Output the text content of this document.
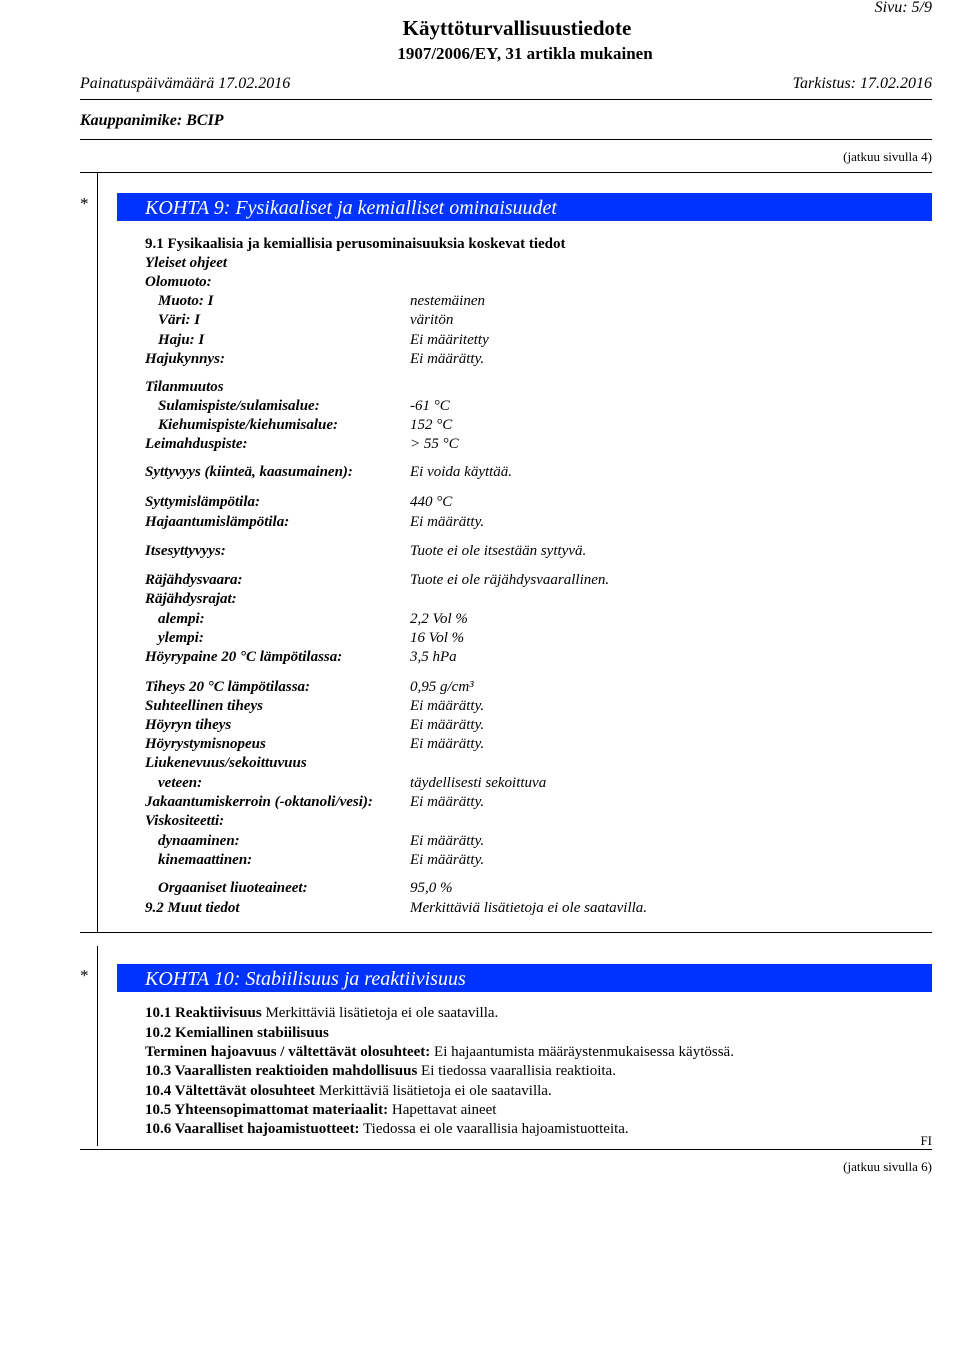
Sivu: 5/9
Käyttöturvallisuustiedote
1907/2006/EY, 31 artikla mukainen
Painatuspäivämäärä 17.02.2016	Tarkistus: 17.02.2016
Kauppanimike: BCIP
(jatkuu sivulla 4)
*	KOHTA 9: Fysikaaliset ja kemialliset ominaisuudet
9.1 Fysikaalisia ja kemiallisia perusominaisuuksia koskevat tiedot
Yleiset ohjeet
Olomuoto:
Muoto: I	nestemäinen
Väri: I	väritön
Haju: I	Ei määritetty
Hajukynnys:	Ei määrätty.
Tilanmuutos
Sulamispiste/sulamisalue:	-61 °C
Kiehumispiste/kiehumisalue:	152 °C
Leimahduspiste:	> 55 °C
Syttyvyys (kiinteä, kaasumainen):	Ei voida käyttää.
Syttymislämpötila:	440 °C
Hajaantumislämpötila:	Ei määrätty.
Itsesyttyvyys:	Tuote ei ole itsestään syttyvä.
Räjähdysvaara:	Tuote ei ole räjähdysvaarallinen.
Räjähdysrajat:
alempi:	2,2 Vol %
ylempi:	16 Vol %
Höyrypaine 20 °C lämpötilassa:	3,5 hPa
Tiheys 20 °C lämpötilassa:	0,95 g/cm³
Suhteellinen tiheys	Ei määrätty.
Höyryn tiheys	Ei määrätty.
Höyrystymisnopeus	Ei määrätty.
Liukenevuus/sekoittuvuus
veteen:	täydellisesti sekoittuva
Jakaantumiskerroin (-oktanoli/vesi): Ei määrätty.
Viskositeetti:
dynaaminen:	Ei määrätty.
kinemaattinen:	Ei määrätty.
Orgaaniset liuoteaineet:	95,0 %
9.2 Muut tiedot	Merkittäviä lisätietoja ei ole saatavilla.
*	KOHTA 10: Stabiilisuus ja reaktiivisuus
10.1 Reaktiivisuus Merkittäviä lisätietoja ei ole saatavilla.
10.2 Kemiallinen stabiilisuus
Terminen hajoavuus / vältettävät olosuhteet: Ei hajaantumista määräystenmukaisessa käytössä.
10.3 Vaarallisten reaktioiden mahdollisuus Ei tiedossa vaarallisia reaktioita.
10.4 Vältettävät olosuhteet Merkittäviä lisätietoja ei ole saatavilla.
10.5 Yhteensopimattomat materiaalit: Hapettavat aineet
10.6 Vaaralliset hajoamistuotteet: Tiedossa ei ole vaarallisia hajoamistuotteita.
FI
(jatkuu sivulla 6)
